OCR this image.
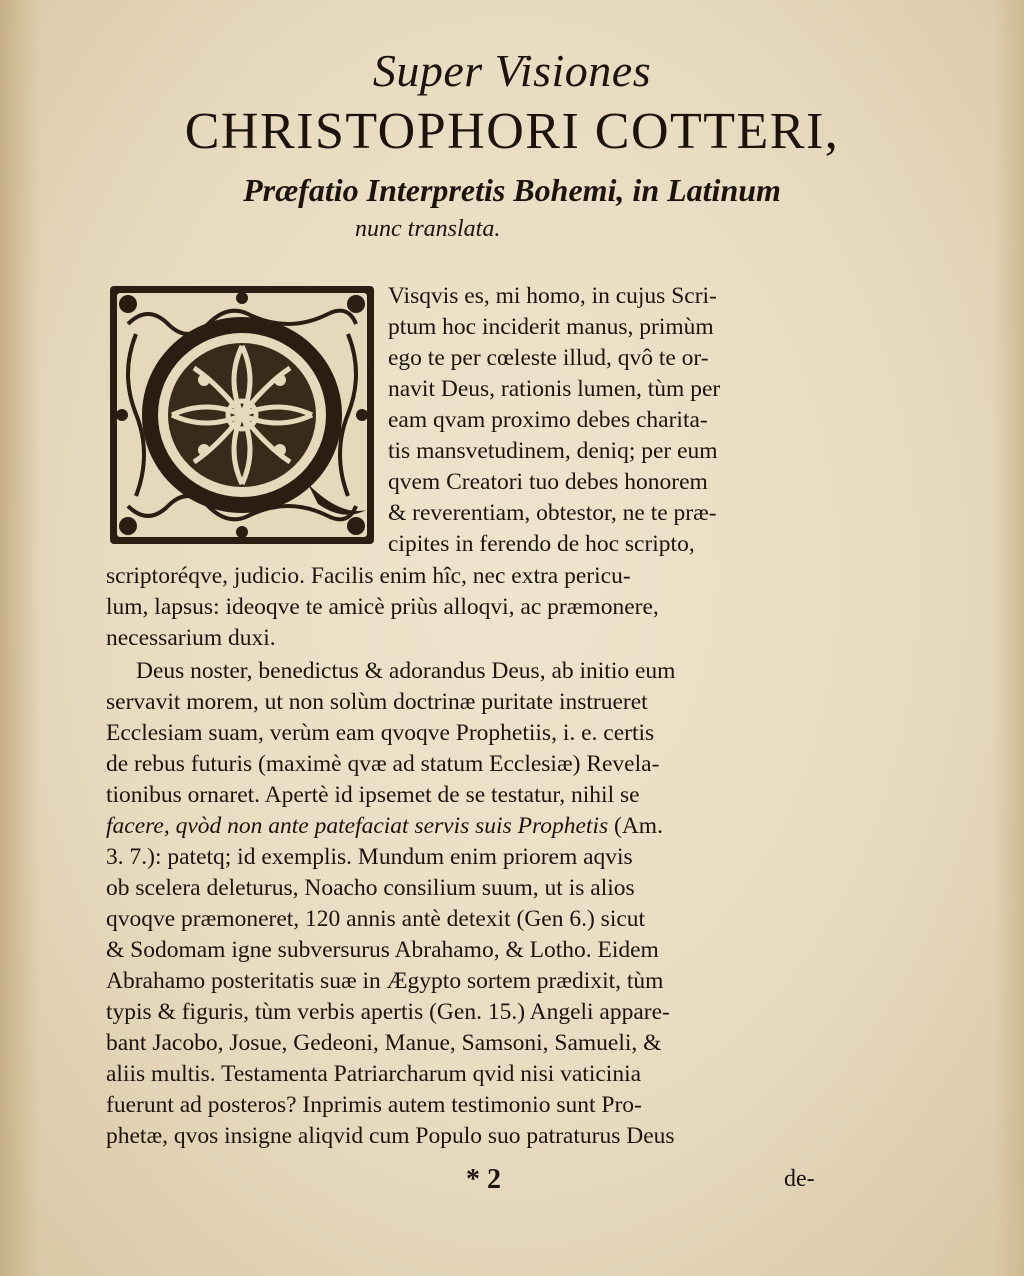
Super Visiones
CHRISTOPHORI COTTERI,
Præfatio Interpretis Bohemi, in Latinum
nunc translata.
Visqvis es, mi homo, in cujus Scri-
ptum hoc inciderit manus, primùm
ego te per cœleste illud, qvô te or-
navit Deus, rationis lumen, tùm per
eam qvam proximo debes charita-
tis mansvetudinem, deniq; per eum
qvem Creatori tuo debes honorem
& reverentiam, obtestor, ne te præ-
cipites in ferendo de hoc scripto,
scriptoréqve, judicio. Facilis enim hîc, nec extra pericu-
lum, lapsus: ideoqve te amicè priùs alloqvi, ac præmonere,
necessarium duxi.
Deus noster, benedictus & adorandus Deus, ab initio eum
servavit morem, ut non solùm doctrinæ puritate instrueret
Ecclesiam suam, verùm eam qvoqve Prophetiis, i. e. certis
de rebus futuris (maximè qvæ ad statum Ecclesiæ) Revela-
tionibus ornaret. Apertè id ipsemet de se testatur, nihil se
facere, qvòd non ante patefaciat servis suis Prophetis (Am.
3. 7.): patetq; id exemplis. Mundum enim priorem aqvis
ob scelera deleturus, Noacho consilium suum, ut is alios
qvoqve præmoneret, 120 annis antè detexit (Gen 6.) sicut
& Sodomam igne subversurus Abrahamo, & Lotho. Eidem
Abrahamo posteritatis suæ in Ægypto sortem prædixit, tùm
typis & figuris, tùm verbis apertis (Gen. 15.) Angeli appare-
bant Jacobo, Josue, Gedeoni, Manue, Samsoni, Samueli, &
aliis multis. Testamenta Patriarcharum qvid nisi vaticinia
fuerunt ad posteros? Inprimis autem testimonio sunt Pro-
phetæ, qvos insigne aliqvid cum Populo suo patraturus Deus
* 2	de-
